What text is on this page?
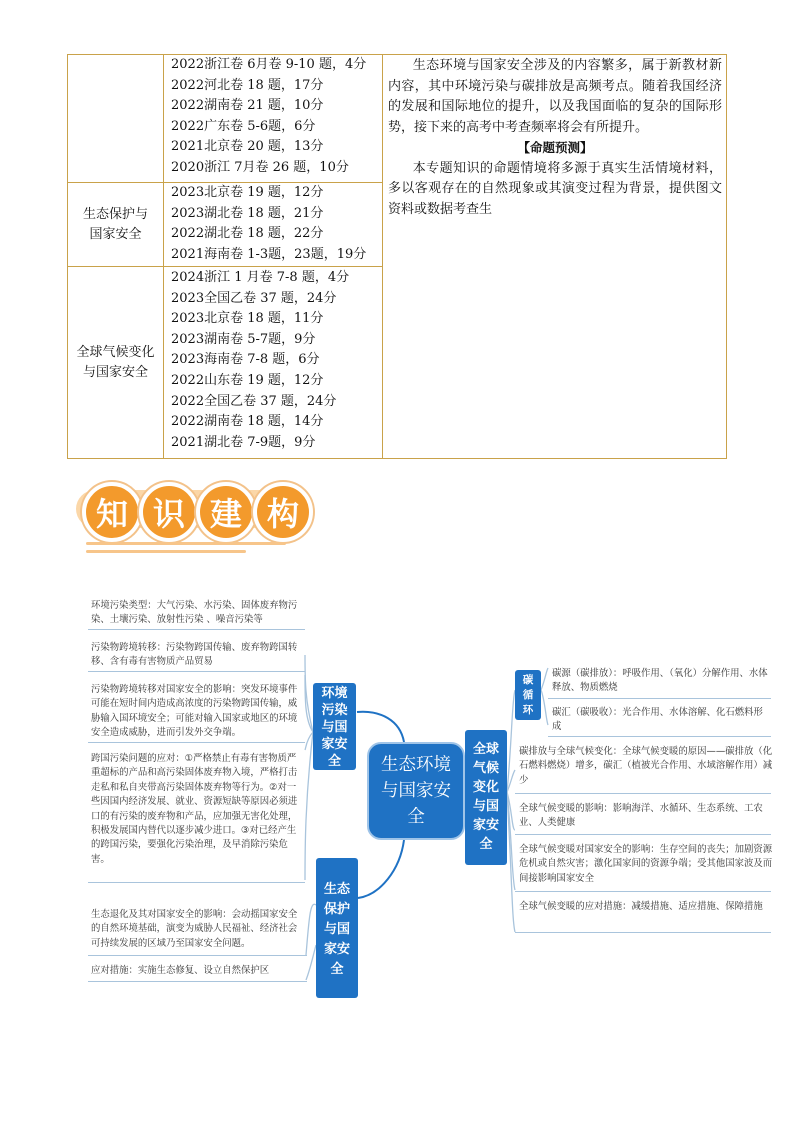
2022浙江卷 6月卷 9-10 题，4分
2022河北卷 18 题，17分
2022湖南卷 21 题，10分
2022广东卷 5-6题，6分
2021北京卷 20 题，13分
2020浙江 7月卷 26 题，10分
生态保护与国家安全
2023北京卷 19 题，12分
2023湖北卷 18 题，21分
2022湖北卷 18 题，22分
2021海南卷 1-3题，23题，19分
全球气候变化与国家安全
2024浙江 1 月卷 7-8 题，4分
2023全国乙卷 37 题，24分
2023北京卷 18 题，11分
2023湖南卷 5-7题，9分
2023海南卷 7-8 题，6分
2022山东卷 19 题，12分
2022全国乙卷 37 题，24分
2022湖南卷 18 题，14分
2021湖北卷 7-9题，9分

生态环境与国家安全涉及的内容繁多，属于新教材新内容，其中环境污染与碳排放是高频考点。随着我国经济的发展和国际地位的提升，以及我国面临的复杂的国际形势，接下来的高考中考查频率将会有所提升。

【命题预测】

本专题知识的命题情境将多源于真实生活情境材料，多以客观存在的自然现象或其演变过程为背景，提供图文资料或数据考查生

知 识 建 构
生态环境与国家安全
环境污染与国家安全
环境污染类型：大气污染、水污染、固体废弃物污染、土壤污染、放射性污染 、噪音污染等
污染物跨境转移：污染物跨国传输、废弃物跨国转移、含有毒有害物质产品贸易
污染物跨境转移对国家安全的影响：突发环境事件可能在短时间内造成高浓度的污染物跨国传输，威胁输入国环境安全；可能对输入国家或地区的环境安全造成威胁，进而引发外交争端。
跨国污染问题的应对：①严格禁止有毒有害物质严重超标的产品和高污染固体废弃物入境，严格打击走私和私自夹带高污染固体废弃物等行为。②对一些因国内经济发展、就业、资源短缺等原因必须进口的有污染的废弃物和产品，应加强无害化处理，积极发展国内替代以逐步减少进口。③对已经产生的跨国污染，要强化污染治理，及早消除污染危害。
生态保护与国家安全
生态退化及其对国家安全的影响：会动摇国家安全的自然环境基础，演变为威胁人民福祉、经济社会可持续发展的区域乃至国家安全问题。
应对措施：实施生态修复、设立自然保护区
全球气候变化与国家安全
碳循环
碳源（碳排放）：呼吸作用、（氧化）分解作用、水体释放、物质燃烧
碳汇（碳吸收）：光合作用、水体溶解、化石燃料形成
碳排放与全球气候变化：全球气候变暖的原因——碳排放（化石燃料燃烧）增多，碳汇（植被光合作用、水域溶解作用）减少
全球气候变暖的影响：影响海洋、水循环、生态系统、工农业、人类健康
全球气候变暖对国家安全的影响：生存空间的丧失；加剧资源危机或自然灾害；激化国家间的资源争端；受其他国家波及而间接影响国家安全
全球气候变暖的应对措施：减缓措施、适应措施、保障措施
